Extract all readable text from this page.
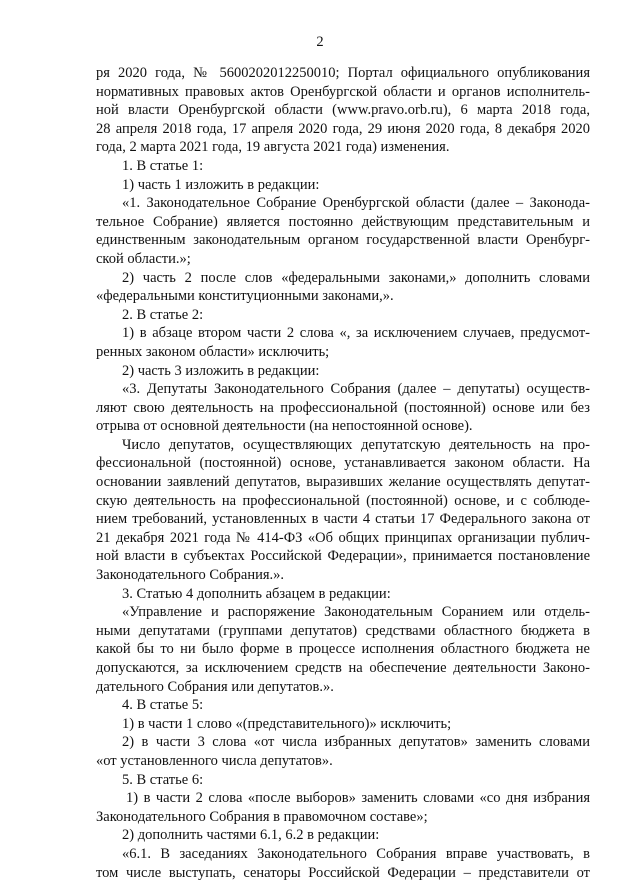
2
ря 2020 года, № 5600202012250010; Портал официального опубликования
нормативных правовых актов Оренбургской области и органов исполнитель-
ной власти Оренбургской области (www.pravo.orb.ru), 6 марта 2018 года,
28 апреля 2018 года, 17 апреля 2020 года, 29 июня 2020 года, 8 декабря 2020
года, 2 марта 2021 года, 19 августа 2021 года) изменения.
1. В статье 1:
1) часть 1 изложить в редакции:
«1. Законодательное Собрание Оренбургской области (далее – Законода-
тельное Собрание) является постоянно действующим представительным и
единственным законодательным органом государственной власти Оренбург-
ской области.»;
2) часть 2 после слов «федеральными законами,» дополнить словами
«федеральными конституционными законами,».
2. В статье 2:
1) в абзаце втором части 2 слова «, за исключением случаев, предусмот-
ренных законом области» исключить;
2) часть 3 изложить в редакции:
«3. Депутаты Законодательного Собрания (далее – депутаты) осуществ-
ляют свою деятельность на профессиональной (постоянной) основе или без
отрыва от основной деятельности (на непостоянной основе).
Число депутатов, осуществляющих депутатскую деятельность на про-
фессиональной (постоянной) основе, устанавливается законом области. На
основании заявлений депутатов, выразивших желание осуществлять депутат-
скую деятельность на профессиональной (постоянной) основе, и с соблюде-
нием требований, установленных в части 4 статьи 17 Федерального закона от
21 декабря 2021 года № 414-ФЗ «Об общих принципах организации публич-
ной власти в субъектах Российской Федерации», принимается постановление
Законодательного Собрания.».
3. Статью 4 дополнить абзацем в редакции:
«Управление и распоряжение Законодательным Соранием или отдель-
ными депутатами (группами депутатов) средствами областного бюджета в
какой бы то ни было форме в процессе исполнения областного бюджета не
допускаются, за исключением средств на обеспечение деятельности Законо-
дательного Собрания или депутатов.».
4. В статье 5:
1) в части 1 слово «(представительного)» исключить;
2) в части 3 слова «от числа избранных депутатов» заменить словами
«от установленного числа депутатов».
5. В статье 6:
1) в части 2 слова «после выборов» заменить словами «со дня избрания
Законодательного Собрания в правомочном составе»;
2) дополнить частями 6.1, 6.2 в редакции:
«6.1. В заседаниях Законодательного Собрания вправе участвовать, в
том числе выступать, сенаторы Российской Федерации – представители от
